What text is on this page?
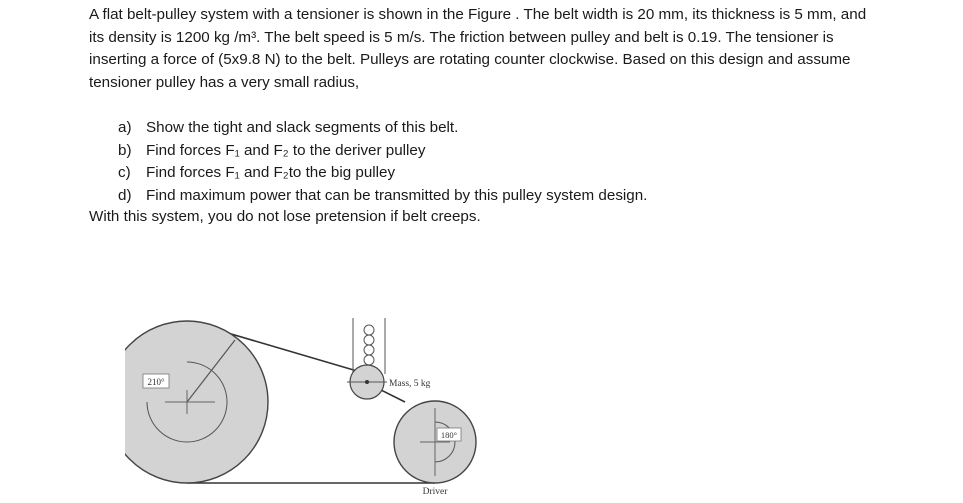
A flat belt-pulley system with a tensioner is shown in the Figure . The belt width is 20 mm, its thickness is 5 mm, and its density is 1200 kg /m³. The belt speed is 5 m/s. The friction between pulley and belt is 0.19. The tensioner is inserting a force of (5x9.8 N) to the belt. Pulleys are rotating counter clockwise. Based on this design and assume tensioner pulley has a very small radius,

a) Show the tight and slack segments of this belt.
b) Find forces F₁ and F₂ to the deriver pulley
c) Find forces F₁ and F₂to the big pulley
d) Find maximum power that can be transmitted by this pulley system design.

With this system, you do not lose pretension if belt creeps.

210°	Mass, 5 kg
180°
Driver
